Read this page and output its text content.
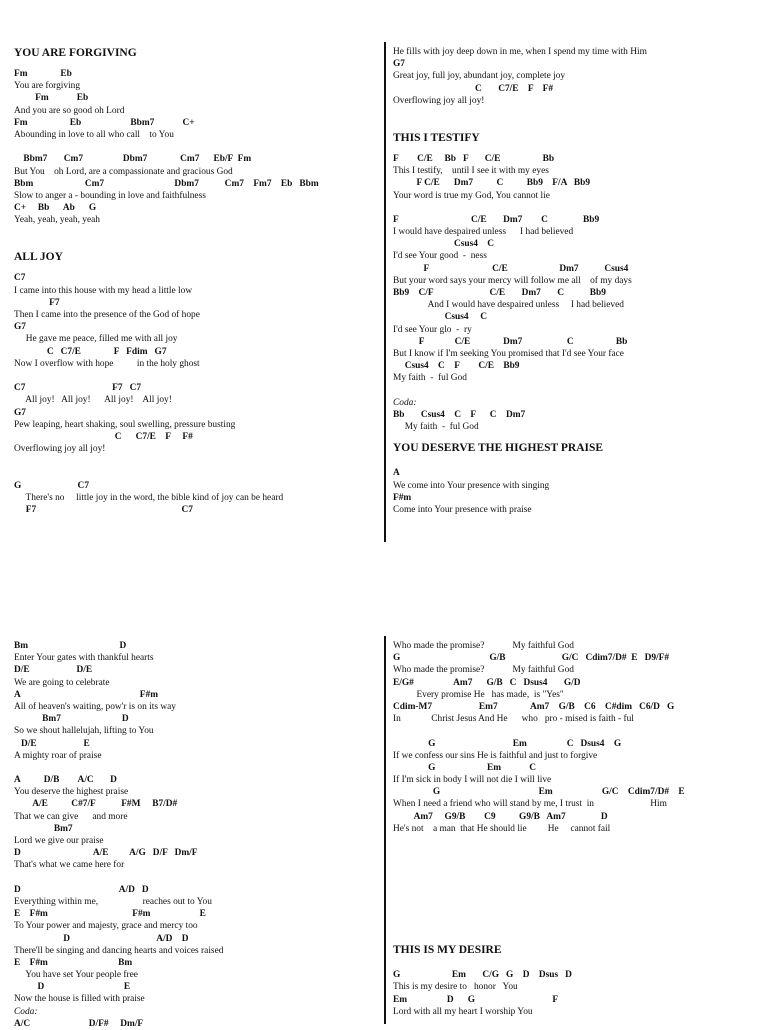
YOU ARE FORGIVING
Fm              Eb
You are forgiving
Fm            Eb
And you are so good oh Lord
Fm                  Eb                     Bbm7            C+
Abounding in love to all who call    to You
Bbm7       Cm7                 Dbm7              Cm7      Eb/F  Fm
But You    oh Lord, are a compassionate and gracious God
Bbm                      Cm7                              Dbm7           Cm7    Fm7    Eb   Bbm
Slow to anger a - bounding in love and faithfulness
C+     Bb      Ab      G
Yeah, yeah, yeah, yeah
ALL JOY
C7
I came into this house with my head a little low
F7
Then I came into the presence of the God of hope
G7
He gave me peace, filled me with all joy
C   C7/E              F   Fdim   G7
Now I overflow with hope          in the holy ghost
C7                                     F7   C7
All joy!   All joy!      All joy!    All joy!
G7
Pew leaping, heart shaking, soul swelling, pressure busting
C      C7/E    F     F#
Overflowing joy all joy!
G                        C7
There's no     little joy in the word, the bible kind of joy can be heard
F7                                                              C7
He fills with joy deep down in me, when I spend my time with Him
G7
Great joy, full joy, abundant joy, complete joy
C       C7/E    F    F#
Overflowing joy all joy!
THIS I TESTIFY
F        C/E     Bb   F       C/E                  Bb
This I testify,    until I see it with my eyes
F C/E      Dm7          C          Bb9    F/A   Bb9
Your word is true my God, You cannot lie
F                               C/E       Dm7        C               Bb9
I would have despaired unless      I had believed
Csus4    C
I'd see Your good  -  ness
F                           C/E                      Dm7           Csus4
But your word says your mercy will follow me all    of my days
Bb9    C/F                        C/E       Dm7       C           Bb9
And I would have despaired unless     I had believed
Csus4     C
I'd see Your glo  -  ry
F             C/E              Dm7                   C                  Bb
But I know if I'm seeking You promised that I'd see Your face
Csus4    C    F        C/E    Bb9
My faith  -  ful God
Coda:
Bb       Csus4    C    F      C    Dm7
My faith  -  ful God
YOU DESERVE THE HIGHEST PRAISE
A
We come into Your presence with singing
F#m
Come into Your presence with praise
Bm                                       D
Enter Your gates with thankful hearts
D/E                    D/E
We are going to celebrate
A                                                   F#m
All of heaven's waiting, pow'r is on its way
Bm7                          D
So we shout hallelujah, lifting to You
D/E                    E
A mighty roar of praise
A          D/B        A/C       D
You deserve the highest praise
A/E          C#7/F           F#M     B7/D#
That we can give      and more
Bm7
Lord we give our praise
D                               A/E         A/G   D/F   Dm/F
That's what we came here for
D                                          A/D   D
Everything within me,                   reaches out to You
E    F#m                                    F#m                     E
To Your power and majesty, grace and mercy too
D                                     A/D    D
There'll be singing and dancing hearts and voices raised
E    F#m                              Bm
You have set Your people free
D                                  E
Now the house is filled with praise
Coda:
A/C                         D/F#     Dm/F
Who made the promise?            My faithful God
G                                      G/B                        G/C   Cdim7/D#  E   D9/F#
Who made the promise?            My faithful God
E/G#                 Am7      G/B   C   Dsus4       G/D
Every promise He   has made,  is "Yes"
Cdim-M7                    Em7              Am7    G/B    C6    C#dim   C6/D   G
In             Christ Jesus And He      who   pro - mised is faith - ful
G                                 Em                 C   Dsus4    G
If we confess our sins He is faithful and just to forgive
G                      Em            C
If I'm sick in body I will not die I will live
G                                          Em                     G/C    Cdim7/D#    E
When I need a friend who will stand by me, I trust  in                        Him
Am7     G9/B        C9          G9/B   Am7               D
He's not    a man  that He should lie         He     cannot fail
THIS IS MY DESIRE
G                      Em       C/G   G    D    Dsus   D
This is my desire to   honor   You
Em                 D      G                                 F
Lord with all my heart I worship You
